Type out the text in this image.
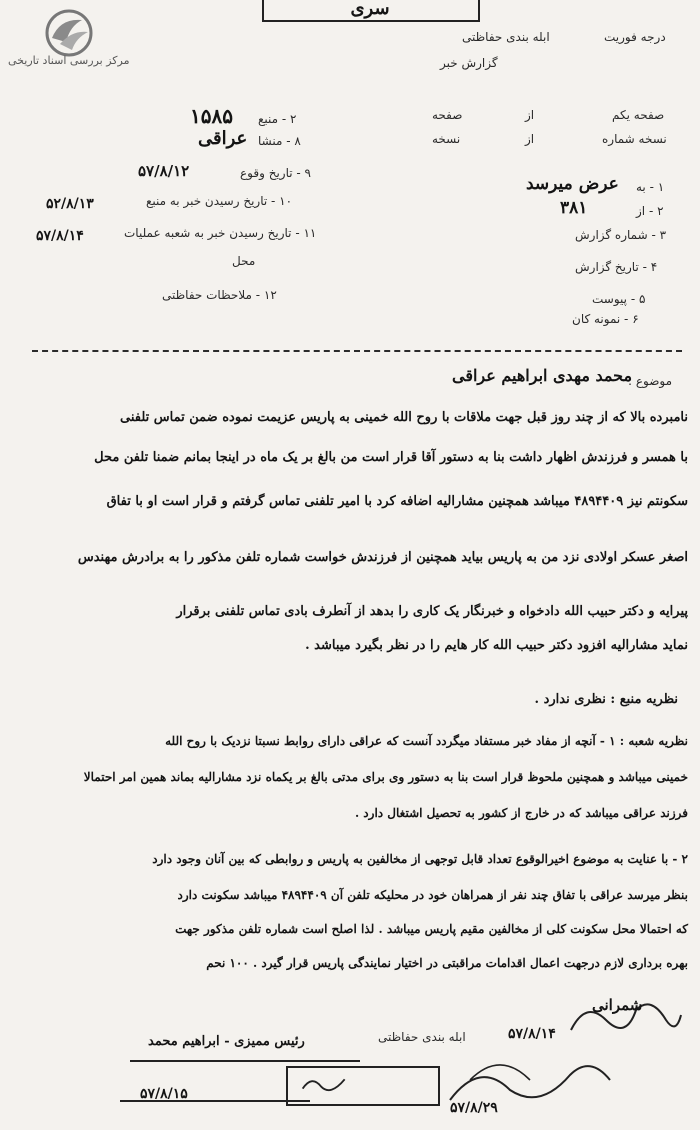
مرکز بررسی اسناد تاریخی
سری
ابله بندی حفاظتی
گزارش خبر
درجه فوریت
صفحه یکم
از
صفحه
نسخه شماره
از
نسخه
۱ - به
عرض میرسد
۲ - از
۳۸۱
۳ - شماره گزارش
۴ - تاریخ گزارش
۵ - پیوست
۶ - نمونه کان
۱۵۸۵ ۲ - منبع
۸ - منشا
عراقی
۹ - تاریخ وقوع
۵۷/۸/۱۲
۱۰ - تاریخ رسیدن خبر به منبع
۵۲/۸/۱۳
۱۱ - تاریخ رسیدن خبر به شعبه عملیات
۵۷/۸/۱۴
محل
۱۲ - ملاحظات حفاظتی
موضوع :
محمد مهدی ابراهیم عراقی
نامبرده بالا که از چند روز قبل جهت ملاقات با روح الله خمینی به پاریس عزیمت نموده ضمن تماس تلفنی
با همسر و فرزندش اظهار داشت بنا به دستور آقا قرار است من بالغ بر یک ماه در اینجا بمانم ضمنا تلفن محل
سکونتم نیز ۴۸۹۴۴۰۹ میباشد همچنین مشارالیه اضافه کرد با امیر تلفنی تماس گرفتم و قرار است او با تفاق
اصغر عسکر اولادی نزد من به پاریس بیاید همچنین از فرزندش خواست شماره تلفن مذکور را به برادرش مهندس
پیرایه و دکتر حبیب الله دادخواه و خبرنگار یک کاری را بدهد از آنطرف بادی تماس تلفنی برقرار
نماید مشارالیه افزود دکتر حبیب الله کار هایم را در نظر بگیرد میباشد .
نظریه منبع : نظری ندارد .
نظریه شعبه : ۱ - آنچه از مفاد خبر مستفاد میگردد آنست که عراقی دارای روابط نسبتا نزدیک با روح الله
خمینی میباشد و همچنین ملحوظ قرار است بنا به دستور وی برای مدتی بالغ بر یکماه نزد مشارالیه بماند همین امر احتمالا
فرزند عراقی میباشد که در خارج از کشور به تحصیل اشتغال دارد .
۲ - با عنایت به موضوع اخیرالوقوع تعداد قابل توجهی از مخالفین به پاریس و روابطی که بین آنان وجود دارد
بنظر میرسد عراقی با تفاق چند نفر از همراهان خود در محلیکه تلفن آن ۴۸۹۴۴۰۹ میباشد سکونت دارد
که احتمالا محل سکونت کلی از مخالفین مقیم پاریس میباشد . لذا اصلح است شماره تلفن مذکور جهت
بهره برداری لازم درجهت اعمال اقدامات مراقبتی در اختیار نمایندگی پاریس قرار گیرد . ۱۰۰ نحم
شمرانی
۵۷/۸/۱۴
ابله بندی حفاظتی
رئیس ممیزی - ابراهیم محمد
۵۷/۸/۱۵
۵۷/۸/۲۹
